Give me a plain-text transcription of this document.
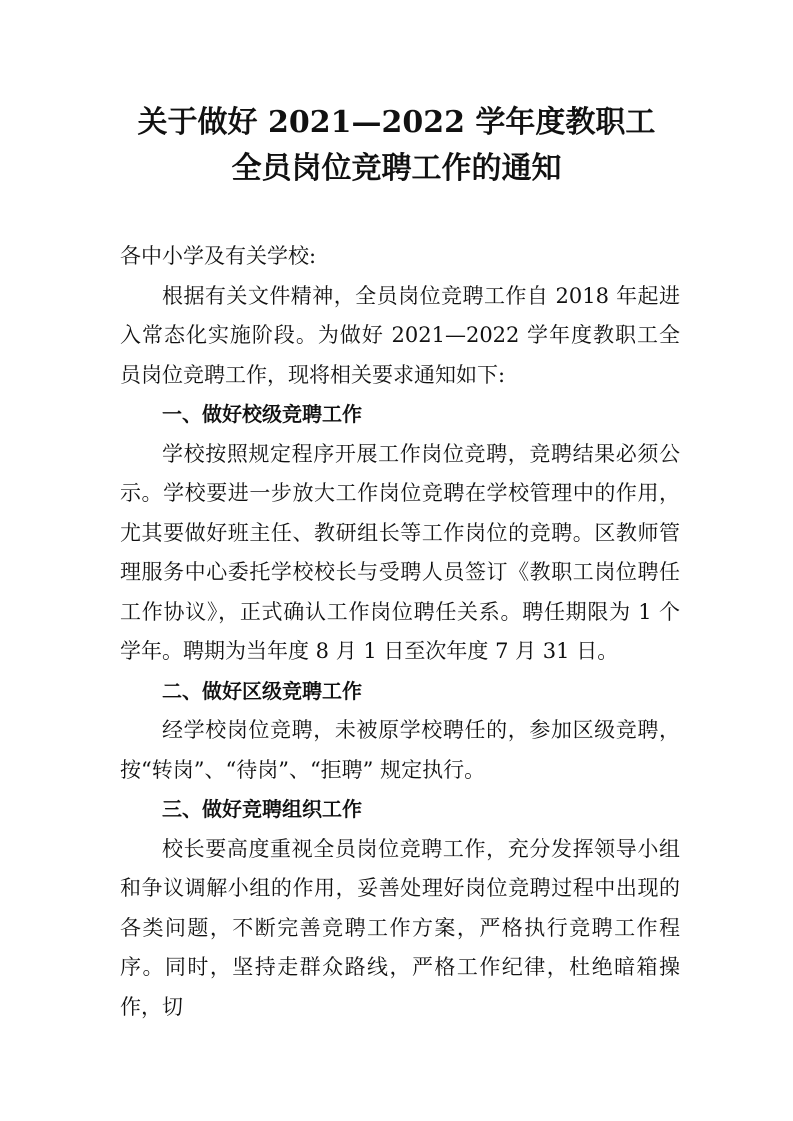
关于做好 2021—2022 学年度教职工
全员岗位竞聘工作的通知

各中小学及有关学校:

根据有关文件精神，全员岗位竞聘工作自 2018 年起进入常态化实施阶段。为做好 2021—2022 学年度教职工全员岗位竞聘工作，现将相关要求通知如下:

一、做好校级竞聘工作

学校按照规定程序开展工作岗位竞聘，竞聘结果必须公示。学校要进一步放大工作岗位竞聘在学校管理中的作用，尤其要做好班主任、教研组长等工作岗位的竞聘。区教师管理服务中心委托学校校长与受聘人员签订《教职工岗位聘任工作协议》，正式确认工作岗位聘任关系。聘任期限为 1 个学年。聘期为当年度 8 月 1 日至次年度 7 月 31 日。

二、做好区级竞聘工作

经学校岗位竞聘，未被原学校聘任的，参加区级竞聘，按“转岗”、“待岗”、“拒聘” 规定执行。

三、做好竞聘组织工作

校长要高度重视全员岗位竞聘工作，充分发挥领导小组和争议调解小组的作用，妥善处理好岗位竞聘过程中出现的各类问题，不断完善竞聘工作方案，严格执行竞聘工作程序。同时，坚持走群众路线，严格工作纪律，杜绝暗箱操作，切
